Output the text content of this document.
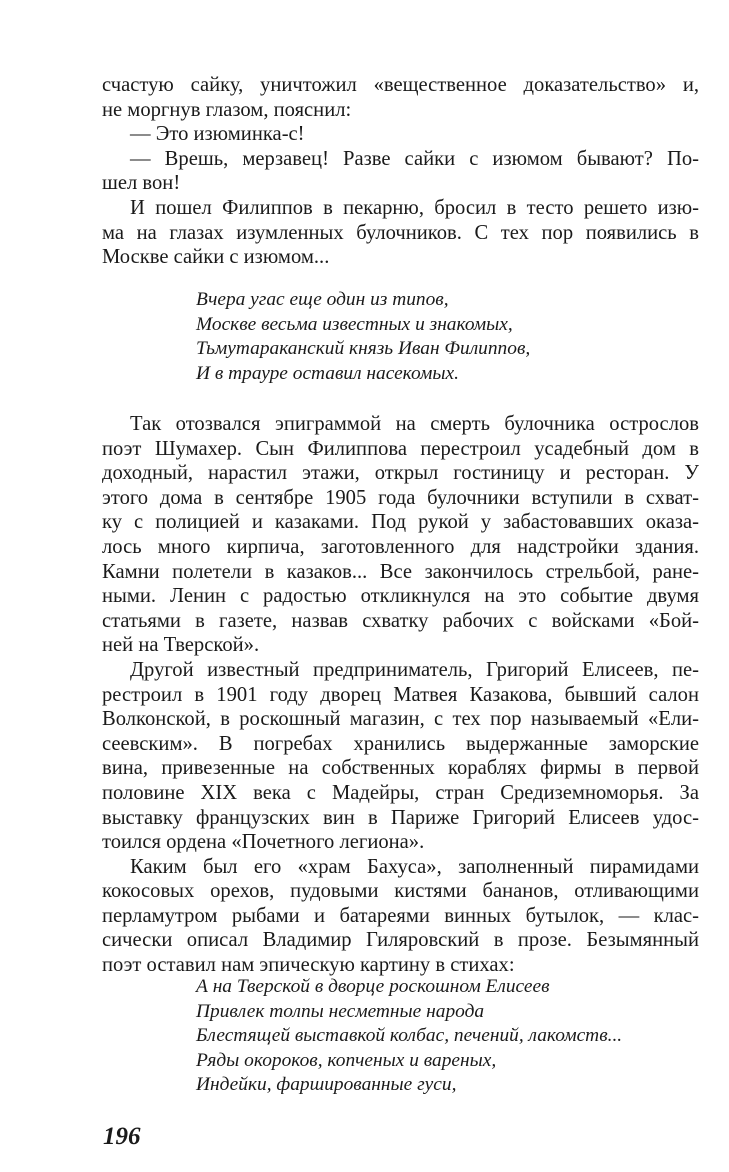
счастую сайку, уничтожил «вещественное доказательство» и,
не моргнув глазом, пояснил:

— Это изюминка-с!

— Врешь, мерзавец! Разве сайки с изюмом бывают? По-
шел вон!

И пошел Филиппов в пекарню, бросил в тесто решето изю-
ма на глазах изумленных булочников. С тех пор появились в
Москве сайки с изюмом...

Вчера угас еще один из типов,
Москве весьма известных и знакомых,
Тьмутараканский князь Иван Филиппов,
И в трауре оставил насекомых.

Так отозвался эпиграммой на смерть булочника острослов
поэт Шумахер. Сын Филиппова перестроил усадебный дом в
доходный, нарастил этажи, открыл гостиницу и ресторан. У
этого дома в сентябре 1905 года булочники вступили в схват-
ку с полицией и казаками. Под рукой у забастовавших оказа-
лось много кирпича, заготовленного для надстройки здания.
Камни полетели в казаков... Все закончилось стрельбой, ране-
ными. Ленин с радостью откликнулся на это событие двумя
статьями в газете, назвав схватку рабочих с войсками «Бой-
ней на Тверской».

Другой известный предприниматель, Григорий Елисеев, пе-
рестроил в 1901 году дворец Матвея Казакова, бывший салон
Волконской, в роскошный магазин, с тех пор называемый «Ели-
сеевским». В погребах хранились выдержанные заморские
вина, привезенные на собственных кораблях фирмы в первой
половине XIX века с Мадейры, стран Средиземноморья. За
выставку французских вин в Париже Григорий Елисеев удос-
тоился ордена «Почетного легиона».

Каким был его «храм Бахуса», заполненный пирамидами
кокосовых орехов, пудовыми кистями бананов, отливающими
перламутром рыбами и батареями винных бутылок, — клас-
сически описал Владимир Гиляровский в прозе. Безымянный
поэт оставил нам эпическую картину в стихах:

А на Тверской в дворце роскошном Елисеев
Привлек толпы несметные народа
Блестящей выставкой колбас, печений, лакомств...
Ряды окороков, копченых и вареных,
Индейки, фаршированные гуси,
196
